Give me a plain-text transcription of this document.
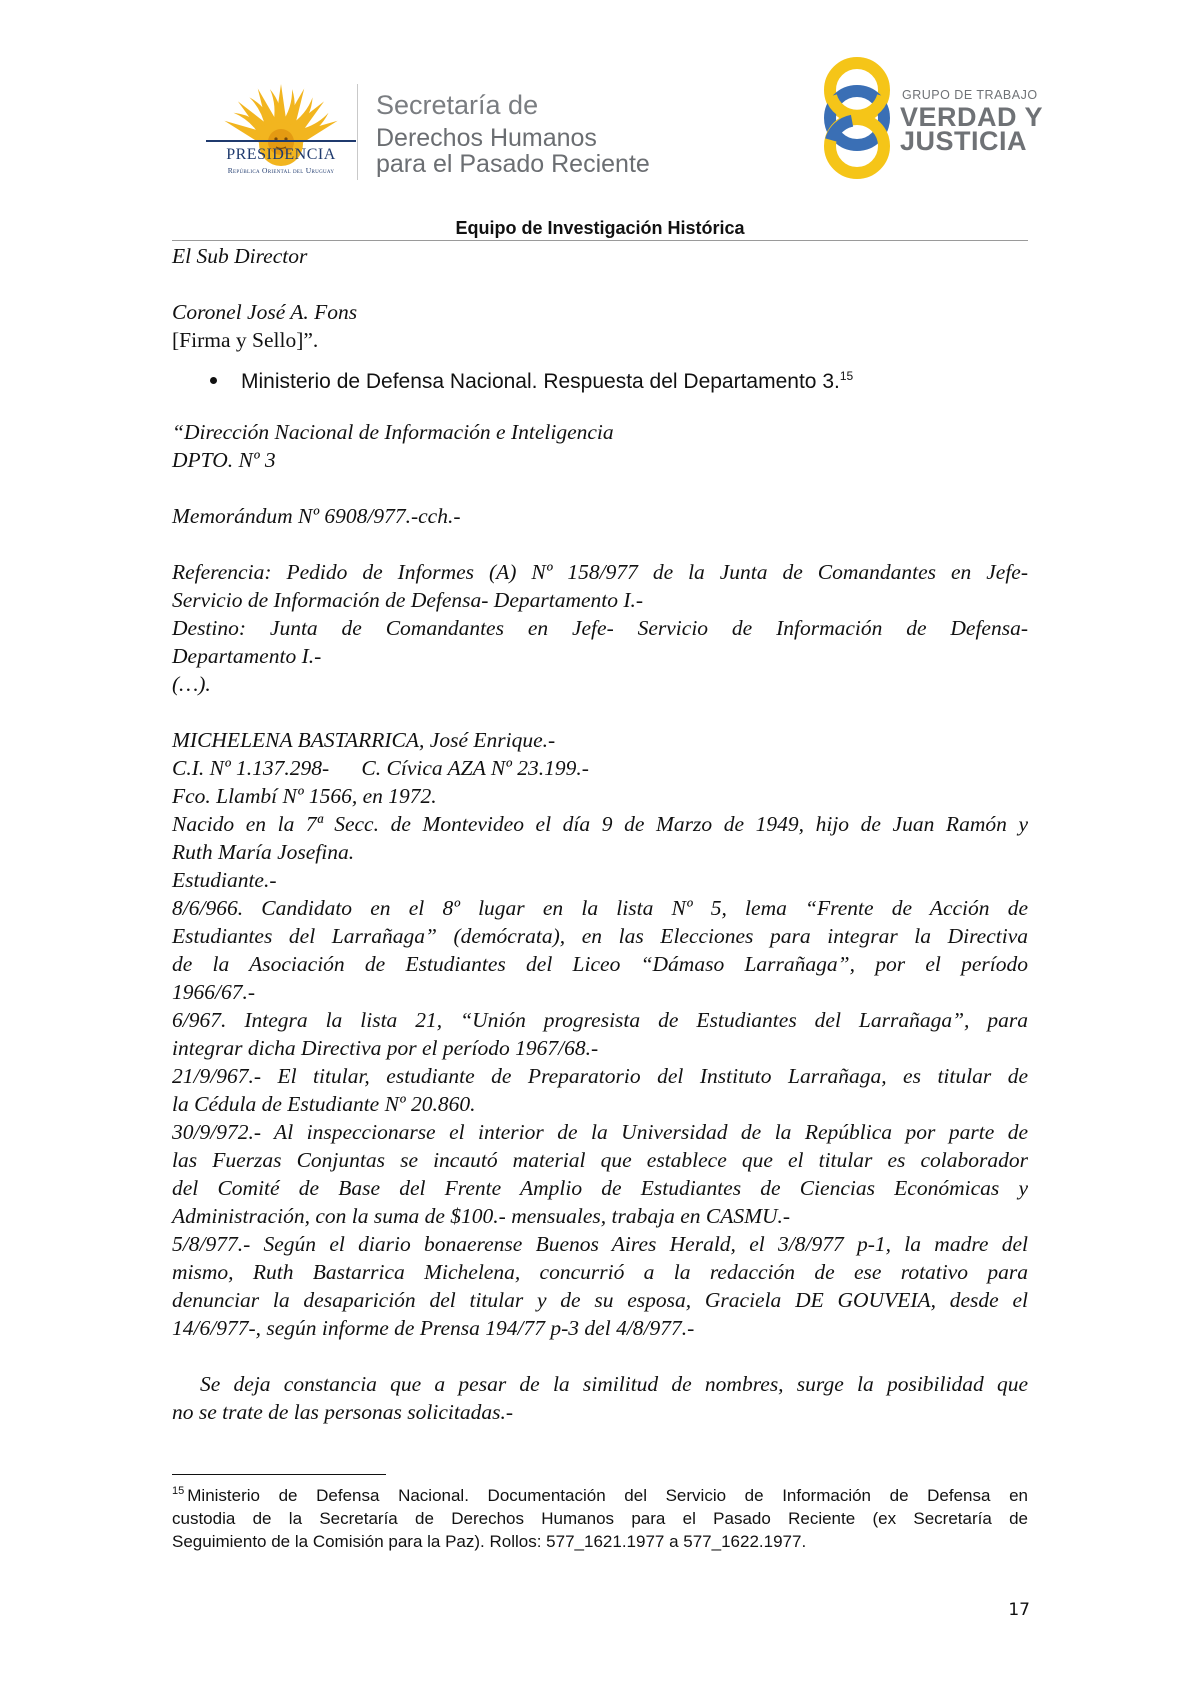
PRESIDENCIA
República Oriental del Uruguay
Secretaría de
Derechos Humanos
para el Pasado Reciente
GRUPO DE TRABAJO
VERDAD Y
JUSTICIA
Equipo de Investigación Histórica
El Sub Director
Coronel José A. Fons
[Firma y Sello]”.
Ministerio de Defensa Nacional. Respuesta del Departamento 3.15
“Dirección Nacional de Información e Inteligencia
DPTO. Nº 3
Memorándum Nº 6908/977.-cch.-
Referencia: Pedido de Informes (A) Nº 158/977 de la Junta de Comandantes en Jefe-
Servicio de Información de Defensa- Departamento I.-
Destino: Junta de Comandantes en Jefe- Servicio de Información de Defensa-
Departamento I.-
(…).
MICHELENA BASTARRICA, José Enrique.-
C.I. Nº 1.137.298-      C. Cívica AZA Nº 23.199.-
Fco. Llambí Nº 1566, en 1972.
Nacido en la 7ª Secc. de Montevideo el día 9 de Marzo de 1949, hijo de Juan Ramón y
Ruth María Josefina.
Estudiante.-
8/6/966. Candidato en el 8º lugar en la lista Nº 5, lema “Frente de Acción de
Estudiantes del Larrañaga” (demócrata), en las Elecciones para integrar la Directiva
de la Asociación de Estudiantes del Liceo “Dámaso Larrañaga”, por el período
1966/67.-
6/967. Integra la lista 21, “Unión progresista de Estudiantes del Larrañaga”, para
integrar dicha Directiva por el período 1967/68.-
21/9/967.- El titular, estudiante de Preparatorio del Instituto Larrañaga, es titular de
la Cédula de Estudiante Nº 20.860.
30/9/972.- Al inspeccionarse el interior de la Universidad de la República por parte de
las Fuerzas Conjuntas se incautó material que establece que el titular es colaborador
del Comité de Base del Frente Amplio de Estudiantes de Ciencias Económicas y
Administración, con la suma de $100.- mensuales, trabaja en CASMU.-
5/8/977.- Según el diario bonaerense Buenos Aires Herald, el 3/8/977 p-1, la madre del
mismo, Ruth Bastarrica Michelena, concurrió a la redacción de ese rotativo para
denunciar la desaparición del titular y de su esposa, Graciela DE GOUVEIA, desde el
14/6/977-, según informe de Prensa 194/77 p-3 del 4/8/977.-
Se deja constancia que a pesar de la similitud de nombres, surge la posibilidad que
no se trate de las personas solicitadas.-
$^{15}$ Ministerio de Defensa Nacional. Documentación del Servicio de Información de Defensa en
custodia de la Secretaría de Derechos Humanos para el Pasado Reciente (ex Secretaría de
Seguimiento de la Comisión para la Paz). Rollos: 577_1621.1977 a 577_1622.1977.
17
